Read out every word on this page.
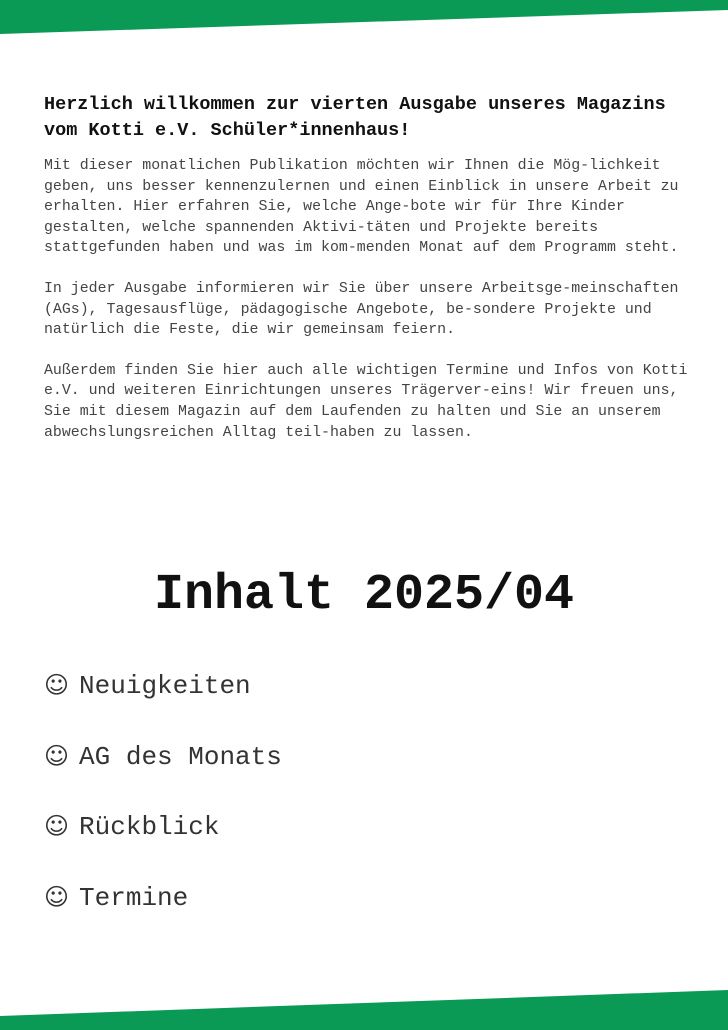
Herzlich willkommen zur vierten Ausgabe unseres Magazins vom Kotti e.V. Schüler*innenhaus!

Mit dieser monatlichen Publikation möchten wir Ihnen die Mög-lichkeit geben, uns besser kennenzulernen und einen Einblick in unsere Arbeit zu erhalten. Hier erfahren Sie, welche Ange-bote wir für Ihre Kinder gestalten, welche spannenden Aktivi-täten und Projekte bereits stattgefunden haben und was im kom-menden Monat auf dem Programm steht.

In jeder Ausgabe informieren wir Sie über unsere Arbeitsge-meinschaften (AGs), Tagesausflüge, pädagogische Angebote, be-sondere Projekte und natürlich die Feste, die wir gemeinsam feiern.

Außerdem finden Sie hier auch alle wichtigen Termine und Infos von Kotti e.V. und weiteren Einrichtungen unseres Trägerver-eins! Wir freuen uns, Sie mit diesem Magazin auf dem Laufenden zu halten und Sie an unserem abwechslungsreichen Alltag teil-haben zu lassen.

Inhalt 2025/04
☺ Neuigkeiten
☺ AG des Monats
☺ Rückblick
☺ Termine
